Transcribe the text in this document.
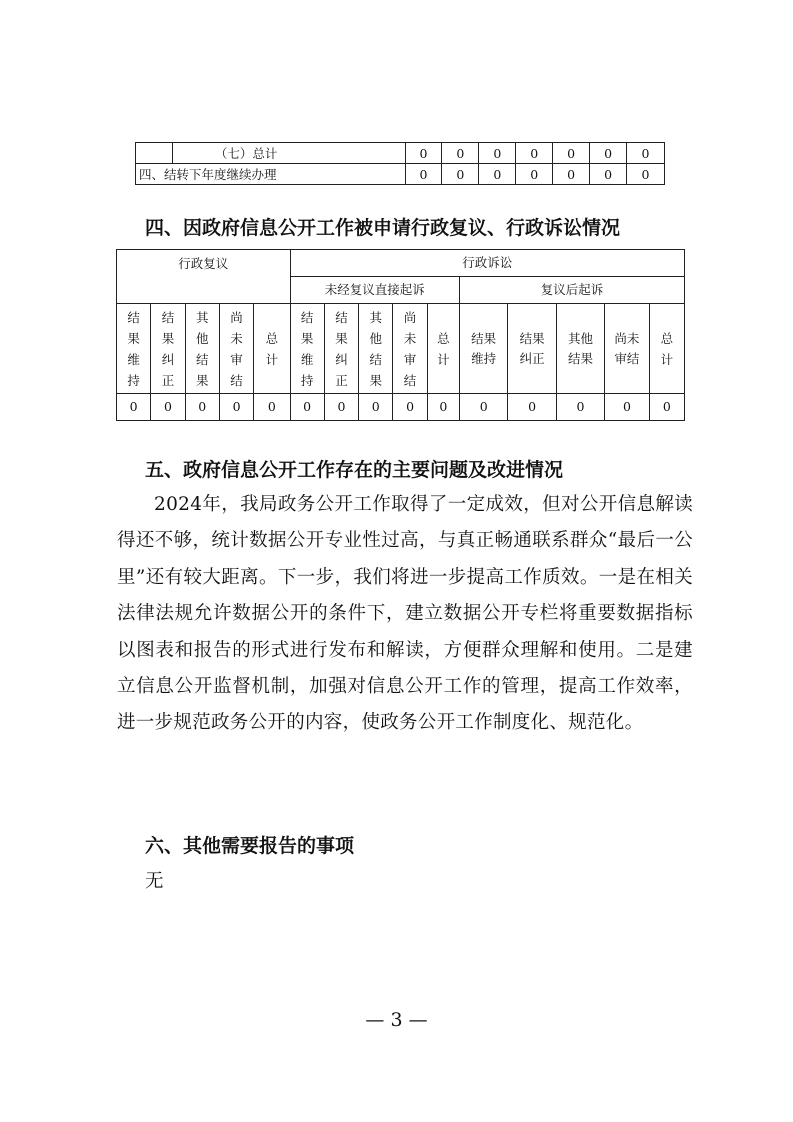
	（七）总计	0	0	0	0	0	0	0
四、结转下年度继续办理		0	0	0	0	0	0	0
四、因政府信息公开工作被申请行政复议、行政诉讼情况
行政复议					行政诉讼									
					未经复议直接起诉					复议后起诉				

结果维持	结果纠正	其他结果	尚未审结	总计	结果维持	结果纠正	其他结果	尚未审结	总计	结果维持	结果纠正	其他结果	尚未审结	总计

0	0	0	0	0	0	0	0	0	0	0	0	0	0	0
五、政府信息公开工作存在的主要问题及改进情况
2024年，我局政务公开工作取得了一定成效，但对公开信息解读得还不够，统计数据公开专业性过高，与真正畅通联系群众“最后一公里”还有较大距离。下一步，我们将进一步提高工作质效。一是在相关法律法规允许数据公开的条件下，建立数据公开专栏将重要数据指标以图表和报告的形式进行发布和解读，方便群众理解和使用。二是建立信息公开监督机制，加强对信息公开工作的管理，提高工作效率，进一步规范政务公开的内容，使政务公开工作制度化、规范化。
六、其他需要报告的事项
无
— 3 —
